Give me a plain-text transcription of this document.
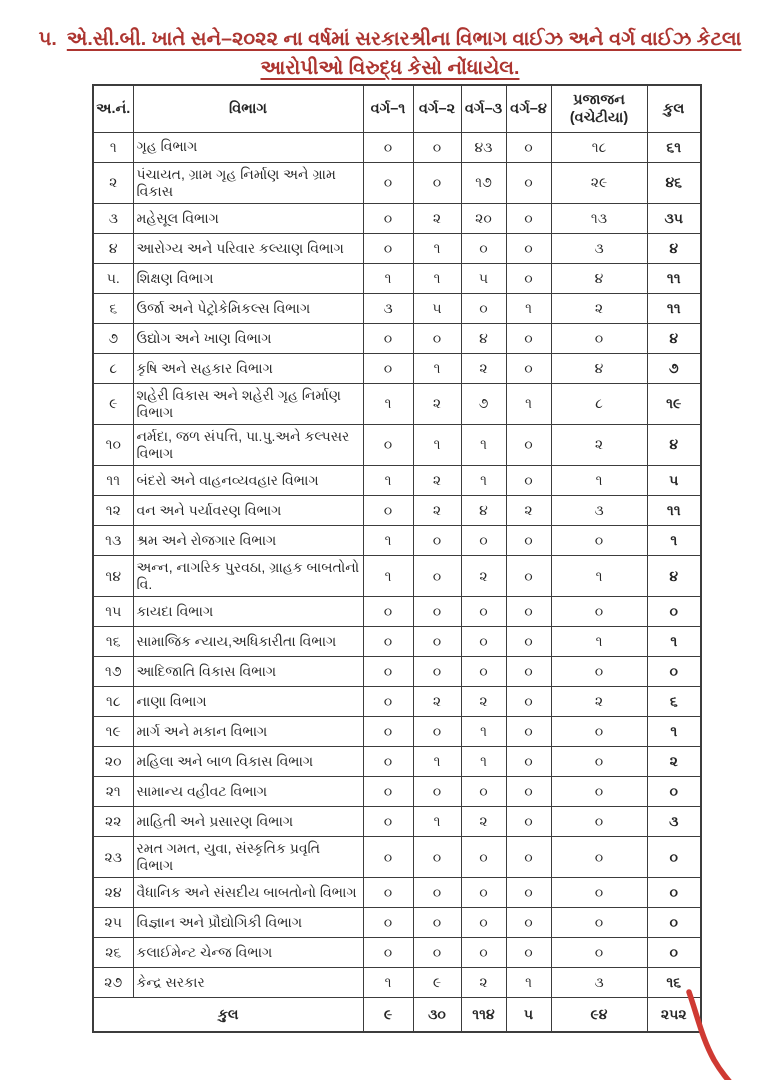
૫. એ.સી.બી. ખાતે સને–૨૦૨૨ ના વર્ષમાં સરકારશ્રીના વિભાગ વાઈઝ અને વર્ગ વાઈઝ કેટલા
આરોપીઓ વિરુદ્ધ કેસો નોંધાયેલ.
અ.નં.	વિભાગ	વર્ગ–૧	વર્ગ–૨	વર્ગ–૩	વર્ગ–૪	પ્રજાજન (વચેટીયા)	કુલ
૧	ગૃહ વિભાગ	૦	૦	૪૩	૦	૧૮	૬૧
૨	પંચાયત, ગ્રામ ગૃહ નિર્માણ અને ગ્રામ વિકાસ	૦	૦	૧૭	૦	૨૯	૪૬
૩	મહેસૂલ વિભાગ	૦	૨	૨૦	૦	૧૩	૩૫
૪	આરોગ્ય અને પરિવાર કલ્યાણ વિભાગ	૦	૧	૦	૦	૩	૪
૫.	શિક્ષણ વિભાગ	૧	૧	૫	૦	૪	૧૧
૬	ઉર્જા અને પેટ્રોકેમિકલ્સ વિભાગ	૩	૫	૦	૧	૨	૧૧
૭	ઉદ્યોગ અને ખાણ વિભાગ	૦	૦	૪	૦	૦	૪
૮	કૃષિ અને સહકાર વિભાગ	૦	૧	૨	૦	૪	૭
૯	શહેરી વિકાસ અને શહેરી ગૃહ નિર્માણ વિભાગ	૧	૨	૭	૧	૮	૧૯
૧૦	નર્મદા, જળ સંપત્તિ, પા.પુ.અને કલ્પસર વિભાગ	૦	૧	૧	૦	૨	૪
૧૧	બંદરો અને વાહનવ્યવહાર વિભાગ	૧	૨	૧	૦	૧	૫
૧૨	વન અને પર્યાવરણ વિભાગ	૦	૨	૪	૨	૩	૧૧
૧૩	શ્રમ અને રોજગાર વિભાગ	૧	૦	૦	૦	૦	૧
૧૪	અન્ન, નાગરિક પુરવઠા, ગ્રાહક બાબતોનો વિ.	૧	૦	૨	૦	૧	૪
૧૫	કાયદા વિભાગ	૦	૦	૦	૦	૦	૦
૧૬	સામાજિક ન્યાય,અધિકારીતા વિભાગ	૦	૦	૦	૦	૧	૧
૧૭	આદિજાતિ વિકાસ વિભાગ	૦	૦	૦	૦	૦	૦
૧૮	નાણા વિભાગ	૦	૨	૨	૦	૨	૬
૧૯	માર્ગ અને મકાન વિભાગ	૦	૦	૧	૦	૦	૧
૨૦	મહિલા અને બાળ વિકાસ વિભાગ	૦	૧	૧	૦	૦	૨
૨૧	સામાન્ય વહીવટ વિભાગ	૦	૦	૦	૦	૦	૦
૨૨	માહિતી અને પ્રસારણ વિભાગ	૦	૧	૨	૦	૦	૩
૨૩	રમત ગમત, યુવા, સંસ્કૃતિક પ્રવૃતિ વિભાગ	૦	૦	૦	૦	૦	૦
૨૪	વૈધાનિક અને સંસદીય બાબતોનો વિભાગ	૦	૦	૦	૦	૦	૦
૨૫	વિજ્ઞાન અને પ્રૌદ્યોગિકી વિભાગ	૦	૦	૦	૦	૦	૦
૨૬	કલાઈમેન્ટ ચેન્જ વિભાગ	૦	૦	૦	૦	૦	૦
૨૭	કેન્દ્ર સરકાર	૧	૯	૨	૧	૩	૧૬
કુલ		૯	૩૦	૧૧૪	૫	૯૪	૨૫૨
